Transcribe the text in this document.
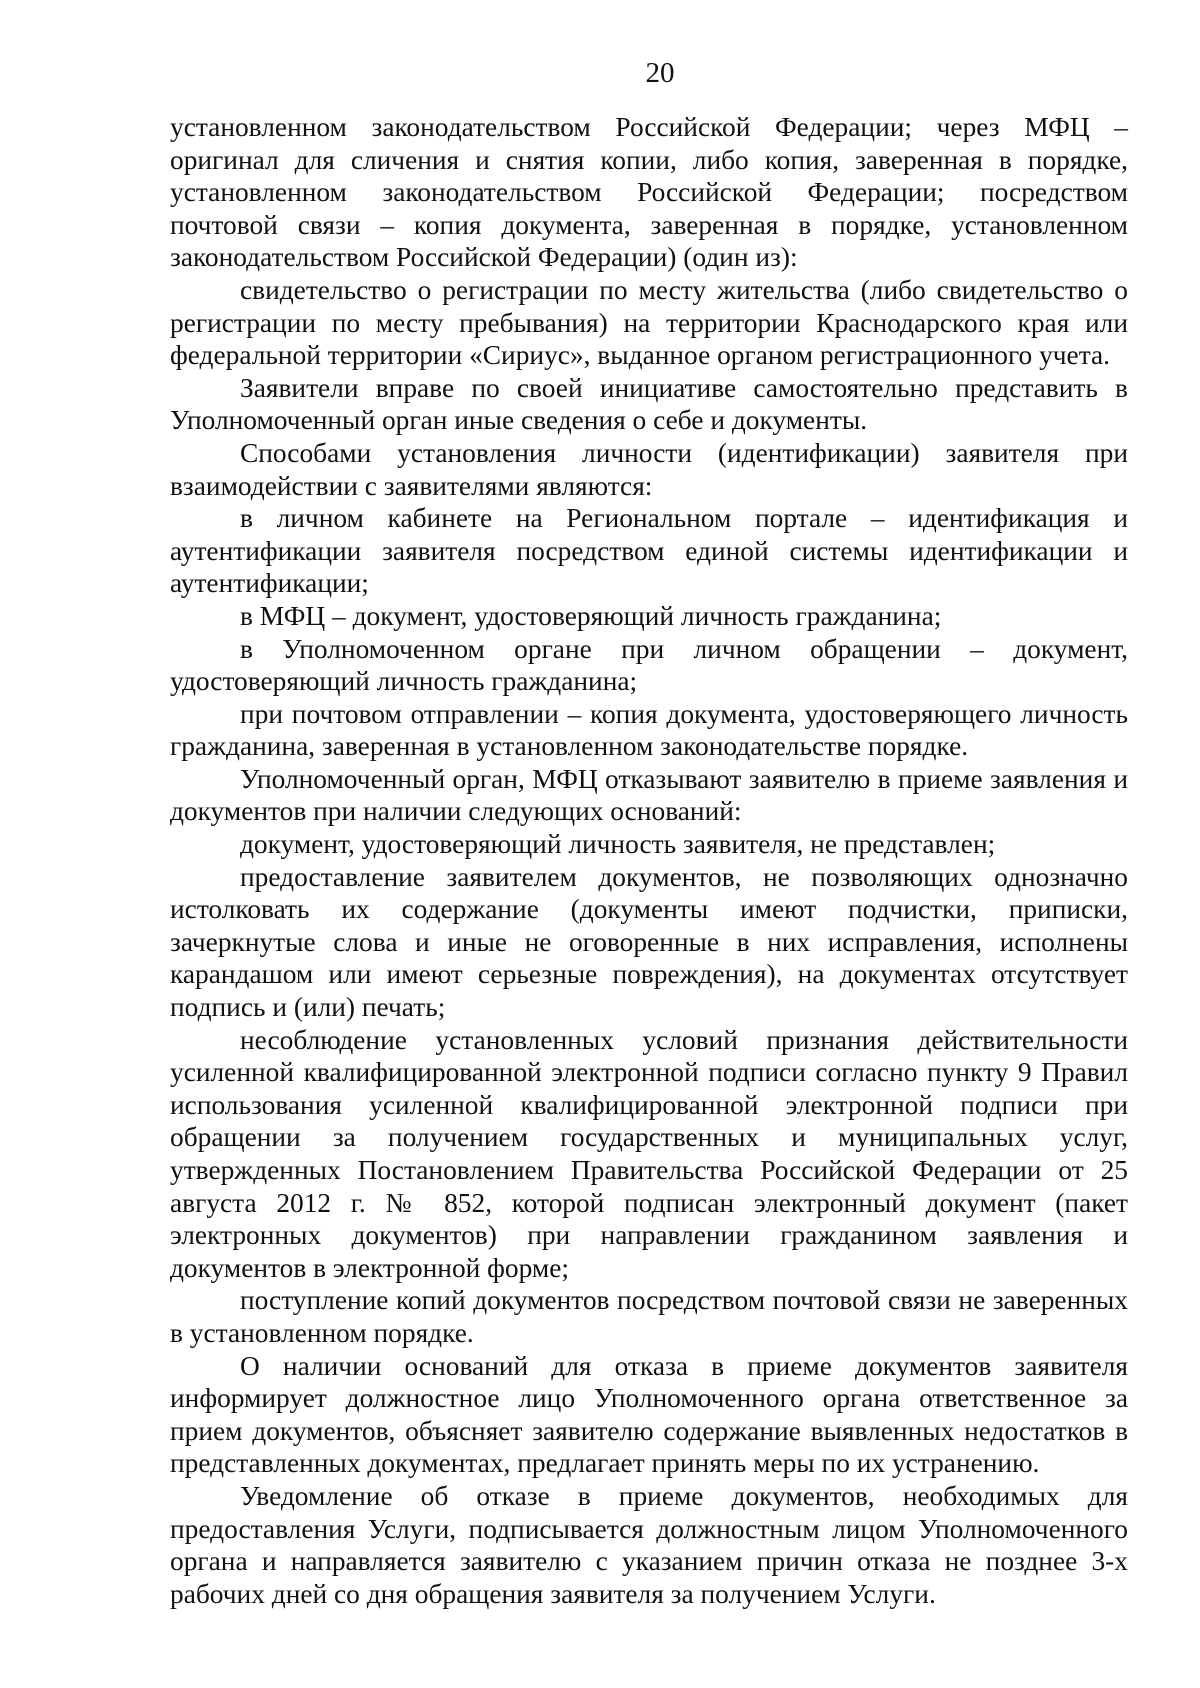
20

установленном законодательством Российской Федерации; через МФЦ – оригинал для сличения и снятия копии, либо копия, заверенная в порядке, установленном законодательством Российской Федерации; посредством почтовой связи – копия документа, заверенная в порядке, установленном законодательством Российской Федерации) (один из):

свидетельство о регистрации по месту жительства (либо свидетельство о регистрации по месту пребывания) на территории Краснодарского края или федеральной территории «Сириус», выданное органом регистрационного учета.

Заявители вправе по своей инициативе самостоятельно представить в Уполномоченный орган иные сведения о себе и документы.

Способами установления личности (идентификации) заявителя при взаимодействии с заявителями являются:

в личном кабинете на Региональном портале – идентификация и аутентификации заявителя посредством единой системы идентификации и аутентификации;

в МФЦ – документ, удостоверяющий личность гражданина;

в Уполномоченном органе при личном обращении – документ, удостоверяющий личность гражданина;

при почтовом отправлении – копия документа, удостоверяющего личность гражданина, заверенная в установленном законодательстве порядке.

Уполномоченный орган, МФЦ отказывают заявителю в приеме заявления и документов при наличии следующих оснований:

документ, удостоверяющий личность заявителя, не представлен;

предоставление заявителем документов, не позволяющих однозначно истолковать их содержание (документы имеют подчистки, приписки, зачеркнутые слова и иные не оговоренные в них исправления, исполнены карандашом или имеют серьезные повреждения), на документах отсутствует подпись и (или) печать;

несоблюдение установленных условий признания действительности усиленной квалифицированной электронной подписи согласно пункту 9 Правил использования усиленной квалифицированной электронной подписи при обращении за получением государственных и муниципальных услуг, утвержденных Постановлением Правительства Российской Федерации от 25 августа 2012 г. № 852, которой подписан электронный документ (пакет электронных документов) при направлении гражданином заявления и документов в электронной форме;

поступление копий документов посредством почтовой связи не заверенных в установленном порядке.

О наличии оснований для отказа в приеме документов заявителя информирует должностное лицо Уполномоченного органа ответственное за прием документов, объясняет заявителю содержание выявленных недостатков в представленных документах, предлагает принять меры по их устранению.

Уведомление об отказе в приеме документов, необходимых для предоставления Услуги, подписывается должностным лицом Уполномоченного органа и направляется заявителю с указанием причин отказа не позднее 3-х рабочих дней со дня обращения заявителя за получением Услуги.
